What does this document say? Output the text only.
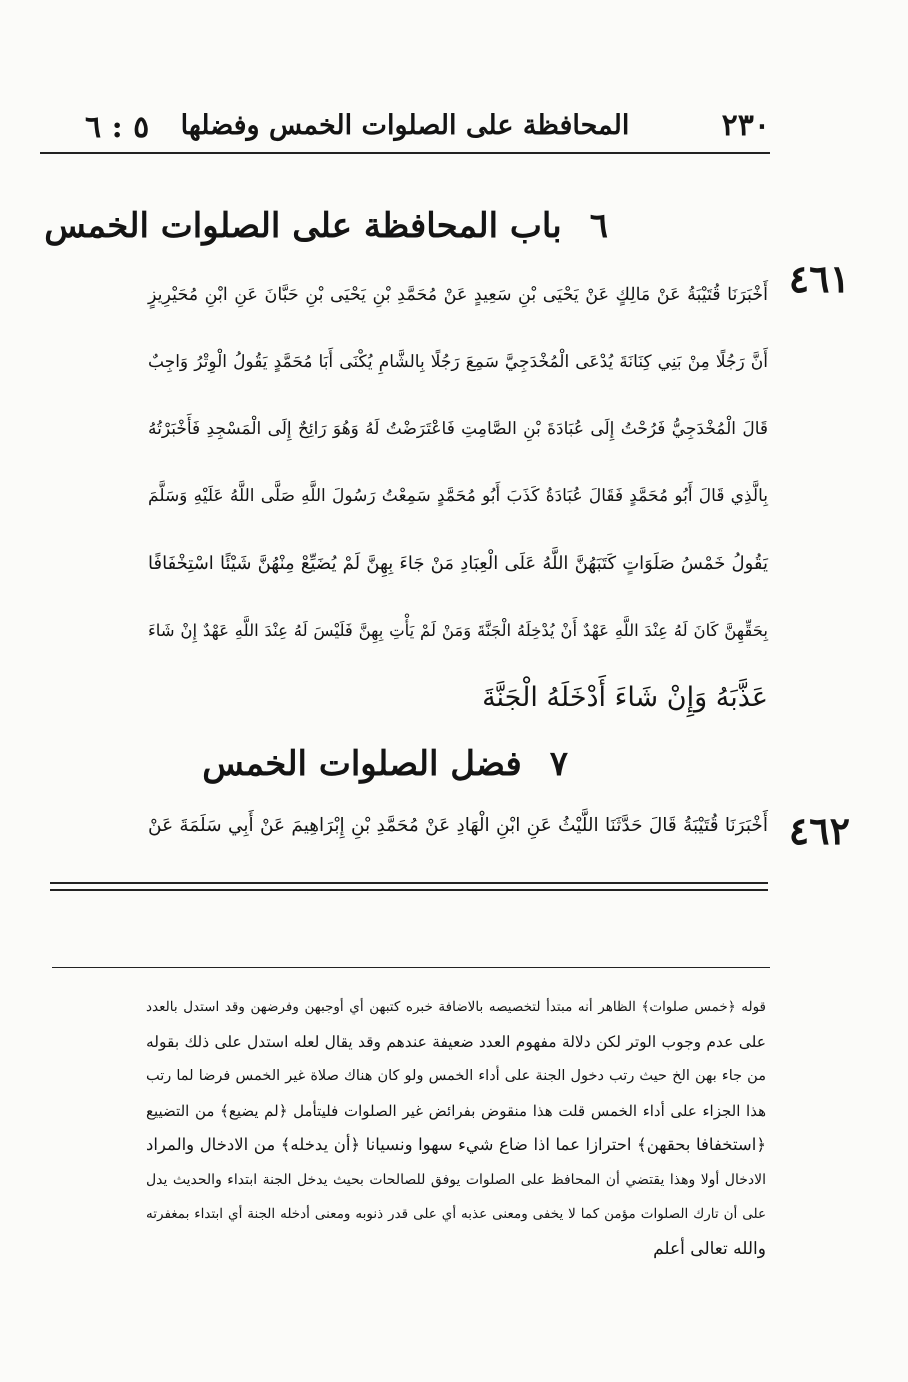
٢٣٠
المحافظة على الصلوات الخمس وفضلها
٥ : ٦
٦باب المحافظة على الصلوات الخمس
٤٦١
أَخْبَرَنَا قُتَيْبَةُ عَنْ مَالِكٍ عَنْ يَحْيَى بْنِ سَعِيدٍ عَنْ مُحَمَّدِ بْنِ يَحْيَى بْنِ حَبَّانَ عَنِ ابْنِ مُحَيْرِيزٍ
أَنَّ رَجُلًا مِنْ بَنِي كِنَانَةَ يُدْعَى الْمُخْدَجِيَّ سَمِعَ رَجُلًا بِالشَّامِ يُكْنَى أَبَا مُحَمَّدٍ يَقُولُ الْوِتْرُ وَاجِبٌ
قَالَ الْمُخْدَجِيُّ فَرُحْتُ إِلَى عُبَادَةَ بْنِ الصَّامِتِ فَاعْتَرَضْتُ لَهُ وَهُوَ رَائِحٌ إِلَى الْمَسْجِدِ فَأَخْبَرْتُهُ
بِالَّذِي قَالَ أَبُو مُحَمَّدٍ فَقَالَ عُبَادَةُ كَذَبَ أَبُو مُحَمَّدٍ سَمِعْتُ رَسُولَ اللَّهِ صَلَّى اللَّهُ عَلَيْهِ وَسَلَّمَ
يَقُولُ خَمْسُ صَلَوَاتٍ كَتَبَهُنَّ اللَّهُ عَلَى الْعِبَادِ مَنْ جَاءَ بِهِنَّ لَمْ يُضَيِّعْ مِنْهُنَّ شَيْئًا اسْتِخْفَافًا
بِحَقِّهِنَّ كَانَ لَهُ عِنْدَ اللَّهِ عَهْدٌ أَنْ يُدْخِلَهُ الْجَنَّةَ وَمَنْ لَمْ يَأْتِ بِهِنَّ فَلَيْسَ لَهُ عِنْدَ اللَّهِ عَهْدٌ إِنْ شَاءَ
عَذَّبَهُ وَإِنْ شَاءَ أَدْخَلَهُ الْجَنَّةَ
٧فضل الصلوات الخمس
٤٦٢
أَخْبَرَنَا قُتَيْبَةُ قَالَ حَدَّثَنَا اللَّيْثُ عَنِ ابْنِ الْهَادِ عَنْ مُحَمَّدِ بْنِ إِبْرَاهِيمَ عَنْ أَبِي سَلَمَةَ عَنْ
قوله ﴿خمس صلوات﴾ الظاهر أنه مبتدأ لتخصيصه بالاضافة خبره كتبهن أي أوجبهن وفرضهن وقد استدل بالعدد
على عدم وجوب الوتر لكن دلالة مفهوم العدد ضعيفة عندهم وقد يقال لعله استدل على ذلك بقوله
من جاء بهن الخ حيث رتب دخول الجنة على أداء الخمس ولو كان هناك صلاة غير الخمس فرضا لما رتب
هذا الجزاء على أداء الخمس قلت هذا منقوض بفرائض غير الصلوات فليتأمل ﴿لم يضيع﴾ من التضييع
﴿استخفافا بحقهن﴾ احترازا عما اذا ضاع شيء سهوا ونسيانا ﴿أن يدخله﴾ من الادخال والمراد
الادخال أولا وهذا يقتضي أن المحافظ على الصلوات يوفق للصالحات بحيث يدخل الجنة ابتداء والحديث يدل
على أن تارك الصلوات مؤمن كما لا يخفى ومعنى عذبه أي على قدر ذنوبه ومعنى أدخله الجنة أي ابتداء بمغفرته
والله تعالى أعلم
